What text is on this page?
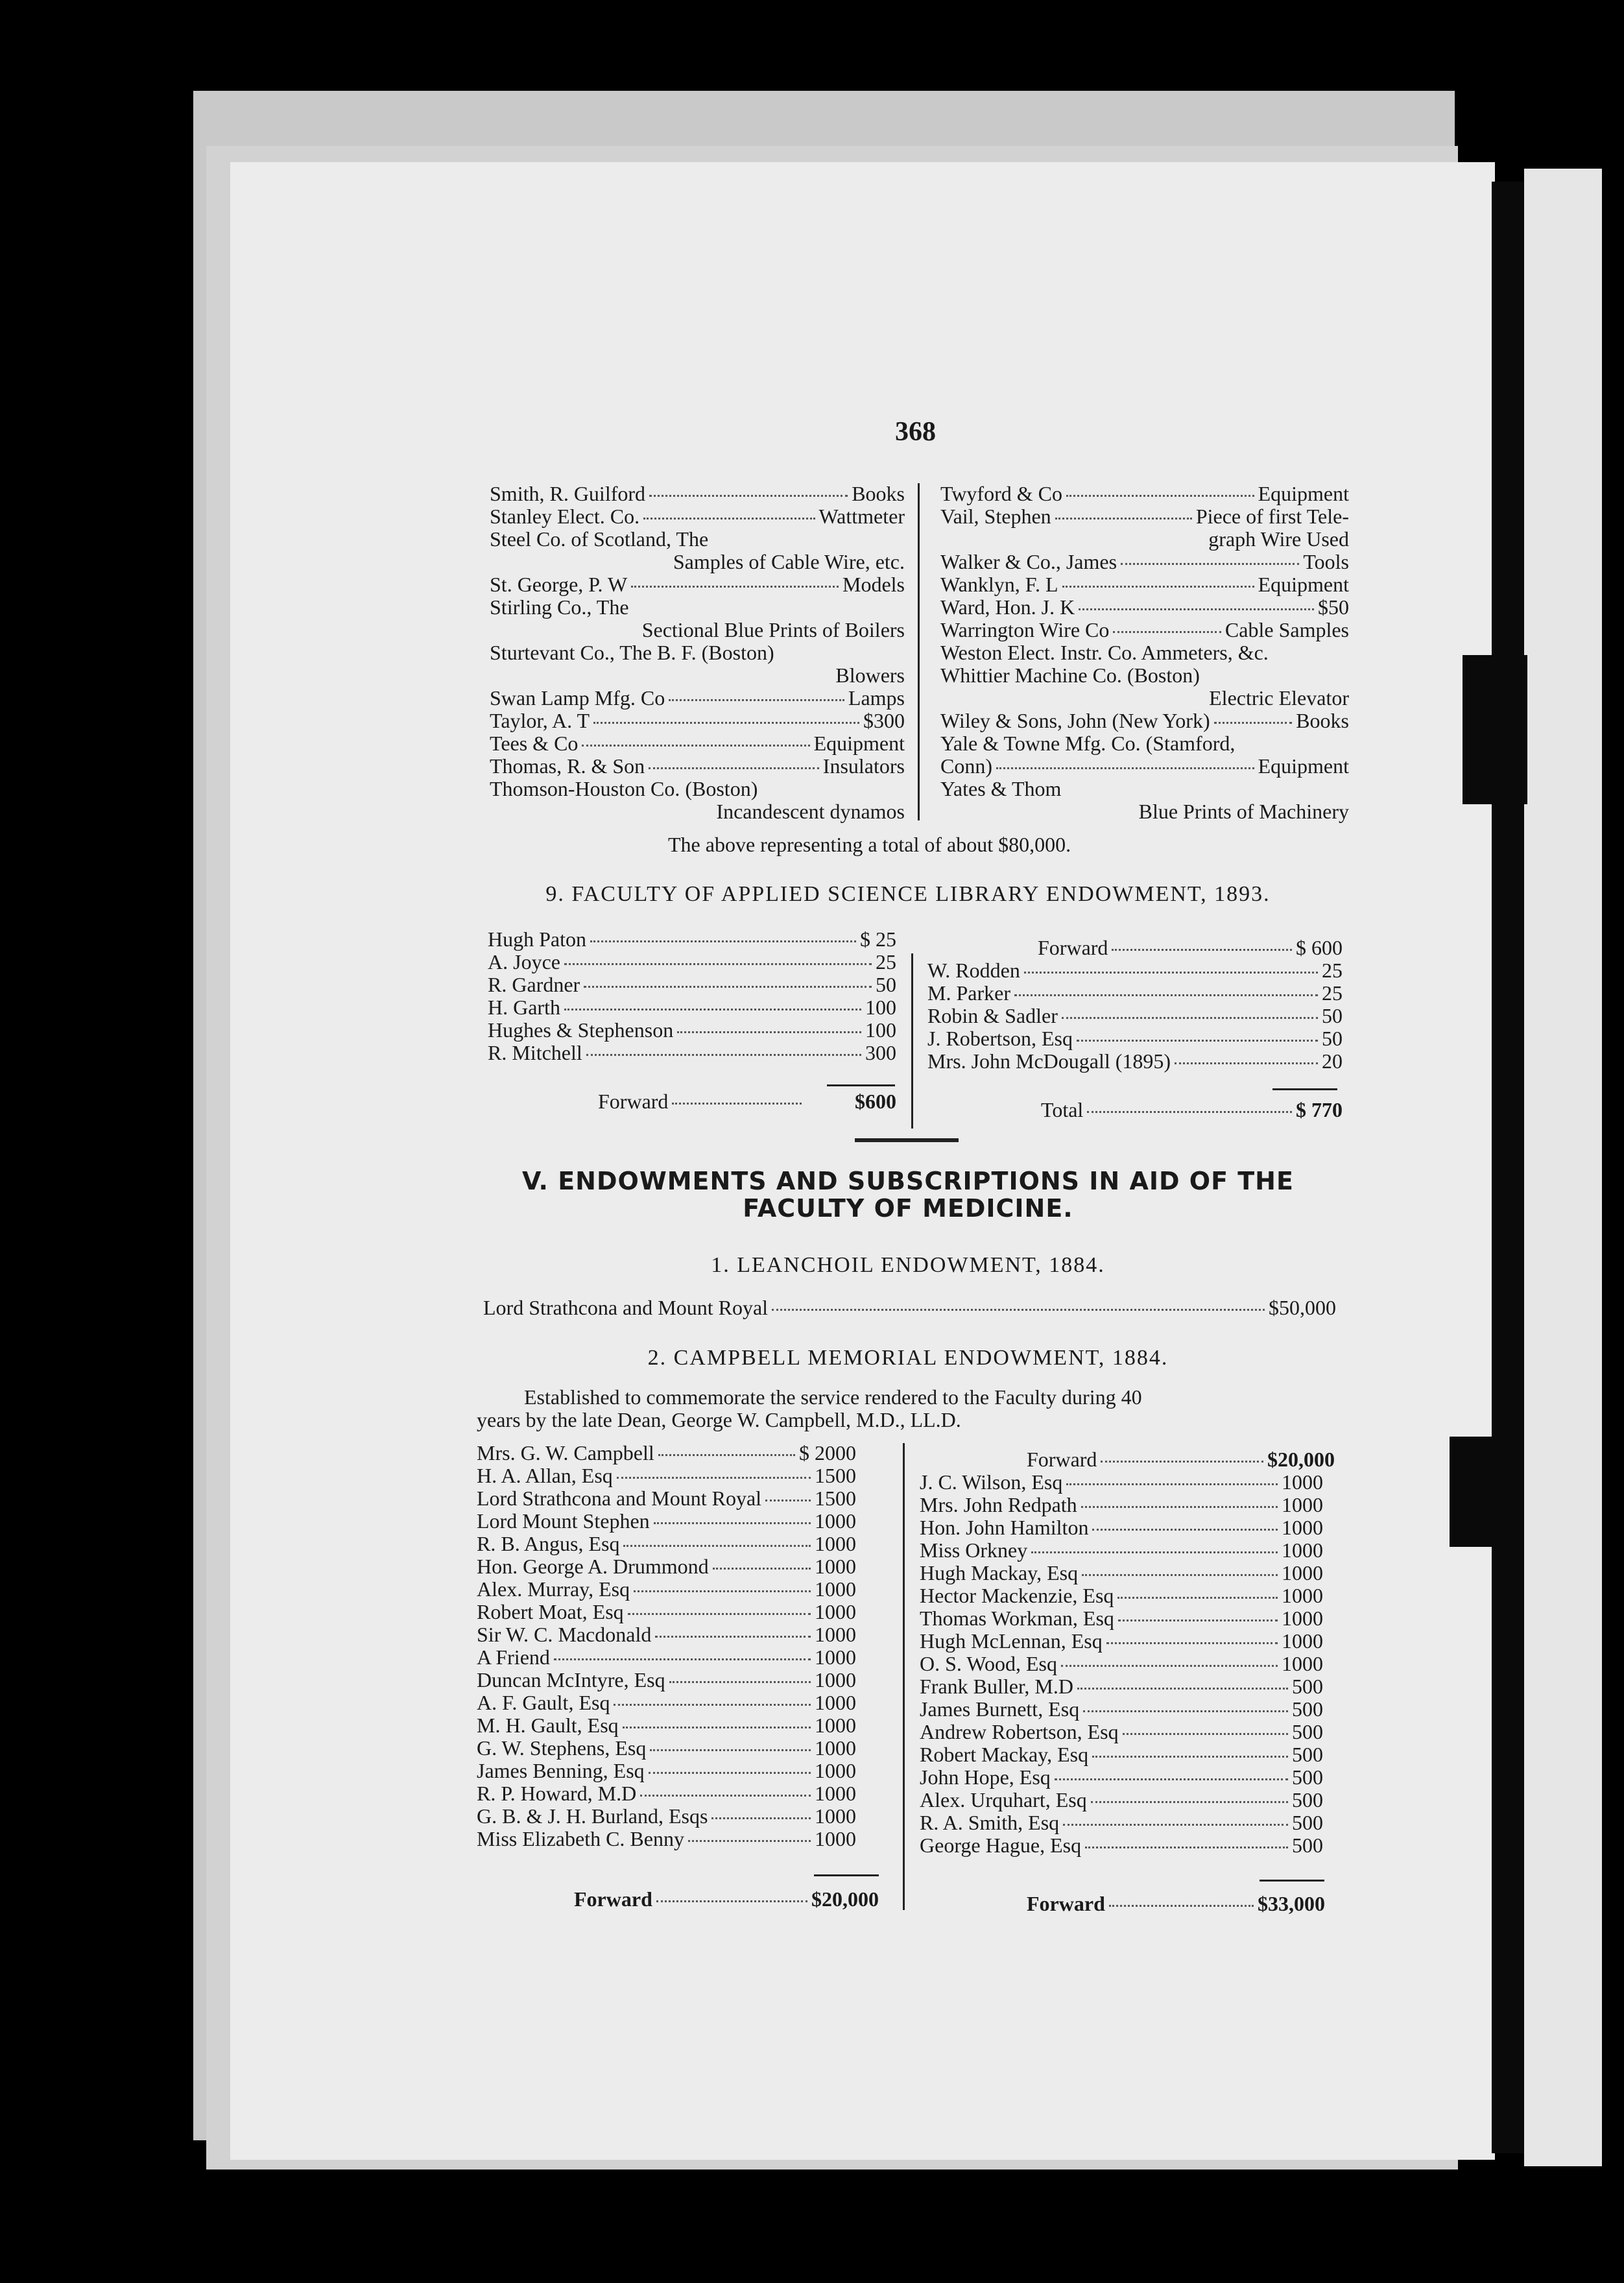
368
Smith, R. Guilford	Books
Stanley Elect. Co.	Wattmeter
Steel Co. of Scotland, The
Samples of Cable Wire, etc.
St. George, P. W	Models
Stirling Co., The
Sectional Blue Prints of Boilers
Sturtevant Co., The B. F. (Boston)
Blowers
Swan Lamp Mfg. Co	Lamps
Taylor, A. T	$300
Tees & Co	Equipment
Thomas, R. & Son	Insulators
Thomson-Houston Co. (Boston)
Incandescent dynamos
Twyford & Co	Equipment
Vail, Stephen	Piece of first Tele-
graph Wire Used
Walker & Co., James	Tools
Wanklyn, F. L	Equipment
Ward, Hon. J. K	$50
Warrington Wire Co	Cable Samples
Weston Elect. Instr. Co. Ammeters, &c.
Whittier Machine Co. (Boston)
Electric Elevator
Wiley & Sons, John (New York)	Books
Yale & Towne Mfg. Co. (Stamford,
Conn)	Equipment
Yates & Thom
Blue Prints of Machinery
The above representing a total of about $80,000.
9. FACULTY OF APPLIED SCIENCE LIBRARY ENDOWMENT, 1893.
Hugh Paton	$ 25
A. Joyce	25
R. Gardner	50
H. Garth	100
Hughes & Stephenson	100
R. Mitchell	300
Forward	$600
Forward	$ 600
W. Rodden	25
M. Parker	25
Robin & Sadler	50
J. Robertson, Esq	50
Mrs. John McDougall (1895)	20
Total	$ 770
V. ENDOWMENTS AND SUBSCRIPTIONS IN AID OF THE
FACULTY OF MEDICINE.
1. LEANCHOIL ENDOWMENT, 1884.
Lord Strathcona and Mount Royal	$50,000
2. CAMPBELL MEMORIAL ENDOWMENT, 1884.
Established to commemorate the service rendered to the Faculty during 40
years by the late Dean, George W. Campbell, M.D., LL.D.
Mrs. G. W. Campbell	$ 2000
H. A. Allan, Esq	1500
Lord Strathcona and Mount Royal	1500
Lord Mount Stephen	1000
R. B. Angus, Esq	1000
Hon. George A. Drummond	1000
Alex. Murray, Esq	1000
Robert Moat, Esq	1000
Sir W. C. Macdonald	1000
A Friend	1000
Duncan McIntyre, Esq	1000
A. F. Gault, Esq	1000
M. H. Gault, Esq	1000
G. W. Stephens, Esq	1000
James Benning, Esq	1000
R. P. Howard, M.D	1000
G. B. & J. H. Burland, Esqs	1000
Miss Elizabeth C. Benny	1000
Forward	$20,000
Forward	$20,000
J. C. Wilson, Esq	1000
Mrs. John Redpath	1000
Hon. John Hamilton	1000
Miss Orkney	1000
Hugh Mackay, Esq	1000
Hector Mackenzie, Esq	1000
Thomas Workman, Esq	1000
Hugh McLennan, Esq	1000
O. S. Wood, Esq	1000
Frank Buller, M.D	500
James Burnett, Esq	500
Andrew Robertson, Esq	500
Robert Mackay, Esq	500
John Hope, Esq	500
Alex. Urquhart, Esq	500
R. A. Smith, Esq	500
George Hague, Esq	500
Forward	$33,000
